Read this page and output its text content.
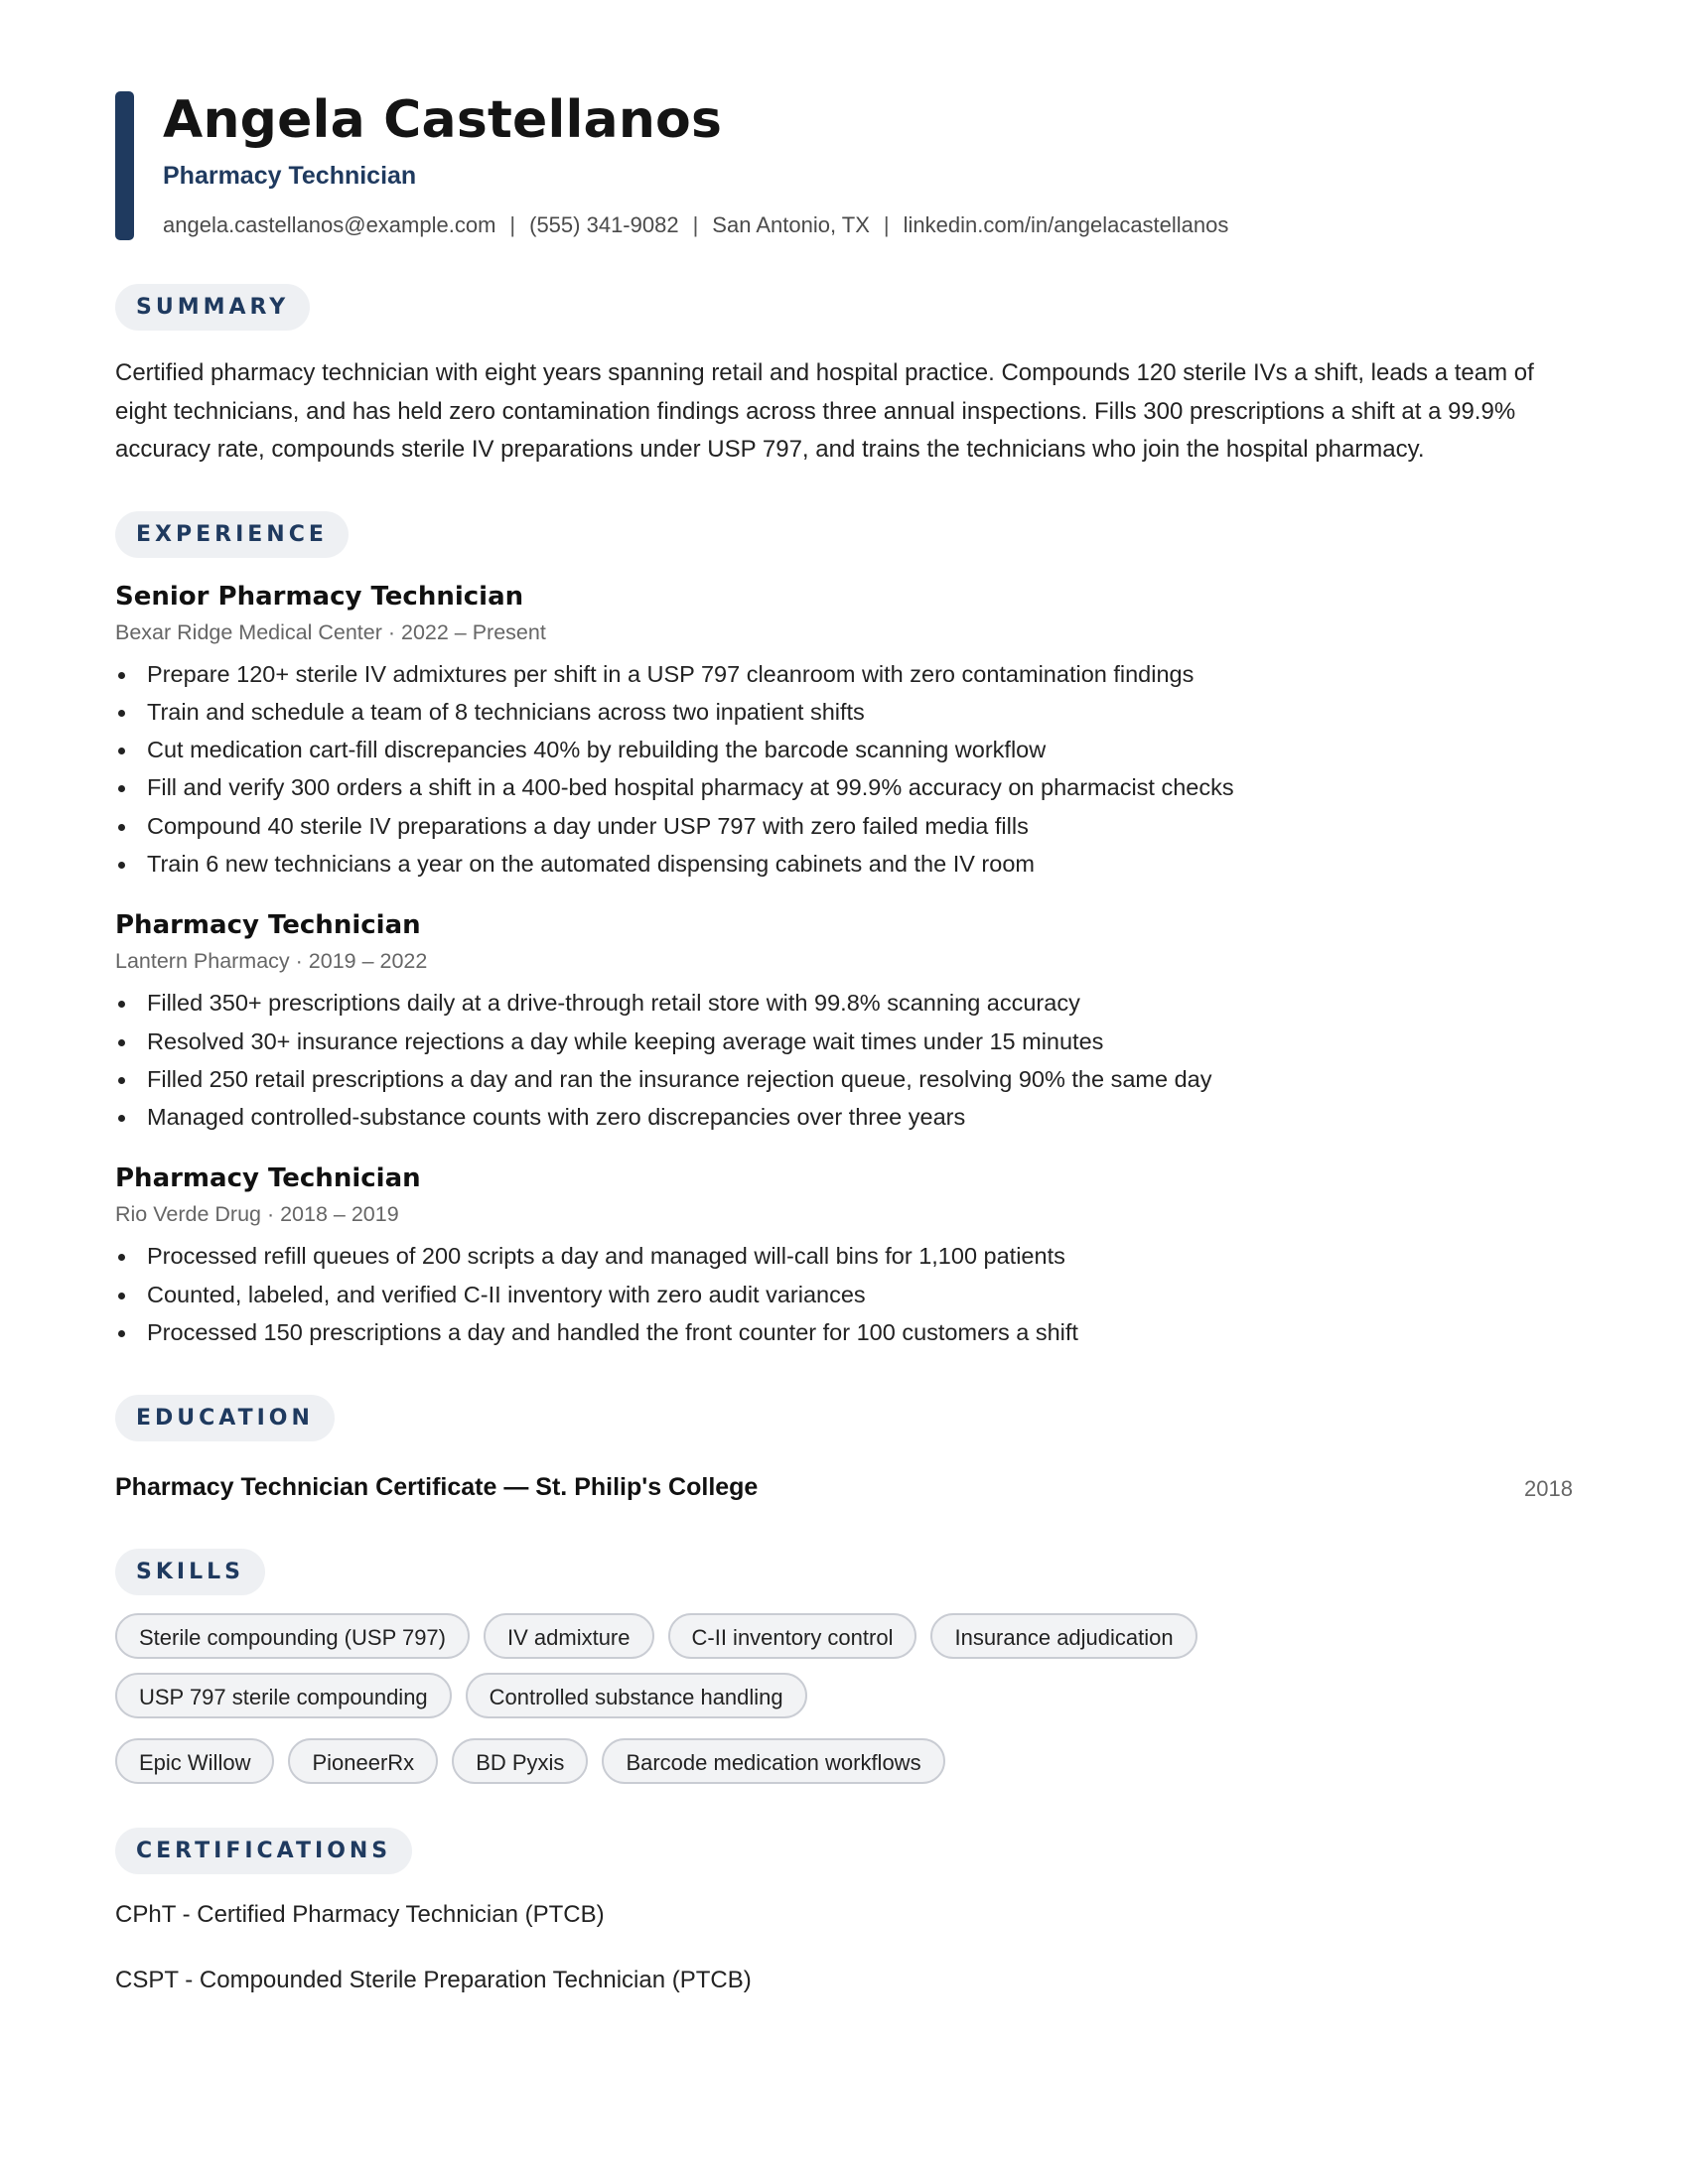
Angela Castellanos
Pharmacy Technician
angela.castellanos@example.com | (555) 341-9082 | San Antonio, TX | linkedin.com/in/angelacastellanos
SUMMARY
Certified pharmacy technician with eight years spanning retail and hospital practice. Compounds 120 sterile IVs a shift, leads a team of eight technicians, and has held zero contamination findings across three annual inspections. Fills 300 prescriptions a shift at a 99.9% accuracy rate, compounds sterile IV preparations under USP 797, and trains the technicians who join the hospital pharmacy.
EXPERIENCE
Senior Pharmacy Technician
Bexar Ridge Medical Center · 2022 – Present
Prepare 120+ sterile IV admixtures per shift in a USP 797 cleanroom with zero contamination findings
Train and schedule a team of 8 technicians across two inpatient shifts
Cut medication cart-fill discrepancies 40% by rebuilding the barcode scanning workflow
Fill and verify 300 orders a shift in a 400-bed hospital pharmacy at 99.9% accuracy on pharmacist checks
Compound 40 sterile IV preparations a day under USP 797 with zero failed media fills
Train 6 new technicians a year on the automated dispensing cabinets and the IV room
Pharmacy Technician
Lantern Pharmacy · 2019 – 2022
Filled 350+ prescriptions daily at a drive-through retail store with 99.8% scanning accuracy
Resolved 30+ insurance rejections a day while keeping average wait times under 15 minutes
Filled 250 retail prescriptions a day and ran the insurance rejection queue, resolving 90% the same day
Managed controlled-substance counts with zero discrepancies over three years
Pharmacy Technician
Rio Verde Drug · 2018 – 2019
Processed refill queues of 200 scripts a day and managed will-call bins for 1,100 patients
Counted, labeled, and verified C-II inventory with zero audit variances
Processed 150 prescriptions a day and handled the front counter for 100 customers a shift
EDUCATION
Pharmacy Technician Certificate — St. Philip's College	2018
SKILLS
Sterile compounding (USP 797)	IV admixture	C-II inventory control	Insurance adjudication
USP 797 sterile compounding	Controlled substance handling
Epic Willow	PioneerRx	BD Pyxis	Barcode medication workflows
CERTIFICATIONS
CPhT - Certified Pharmacy Technician (PTCB)
CSPT - Compounded Sterile Preparation Technician (PTCB)
